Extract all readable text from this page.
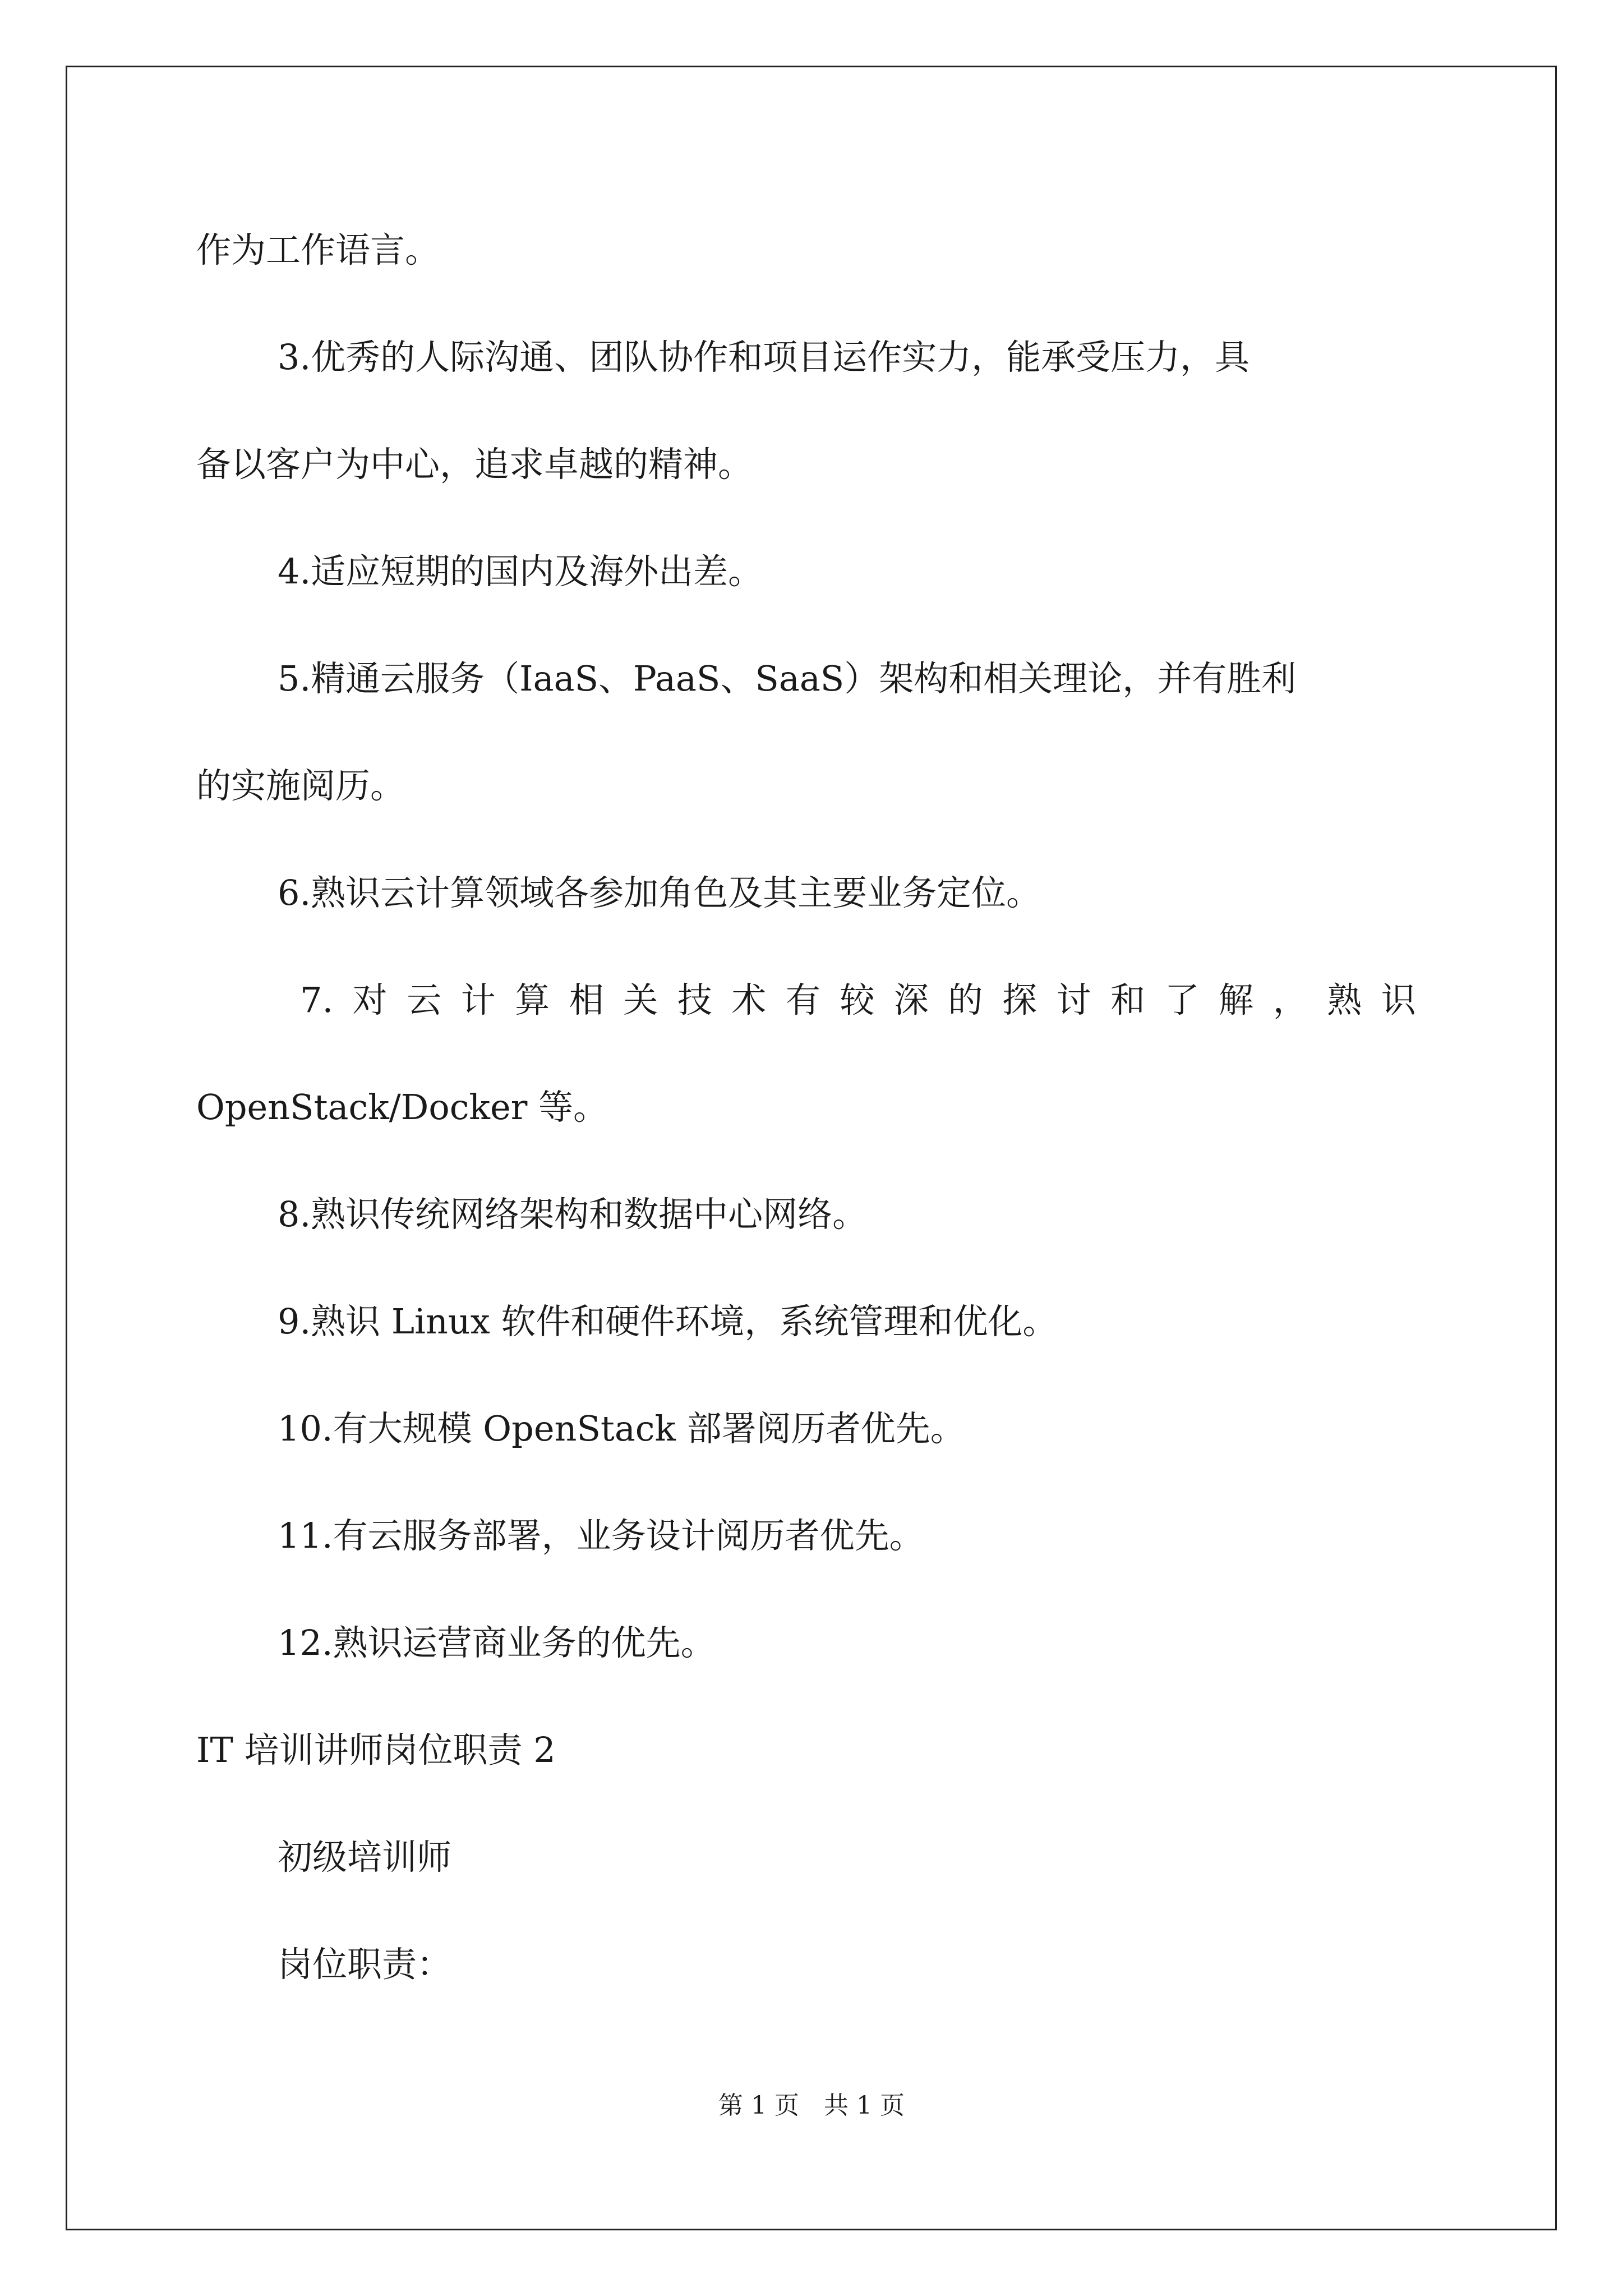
作为工作语言。
3.优秀的人际沟通、团队协作和项目运作实力，能承受压力，具
备以客户为中心，追求卓越的精神。
4.适应短期的国内及海外出差。
5.精通云服务（IaaS、PaaS、SaaS）架构和相关理论，并有胜利
的实施阅历。
6.熟识云计算领域各参加角色及其主要业务定位。
7. 对 云 计 算 相 关 技 术 有 较 深 的 探 讨 和 了 解 ， 熟 识
OpenStack/Docker 等。
8.熟识传统网络架构和数据中心网络。
9.熟识 Linux 软件和硬件环境，系统管理和优化。
10.有大规模 OpenStack 部署阅历者优先。
11.有云服务部署，业务设计阅历者优先。
12.熟识运营商业务的优先。
IT 培训讲师岗位职责 2
初级培训师
岗位职责：
第 1 页　共 1 页
